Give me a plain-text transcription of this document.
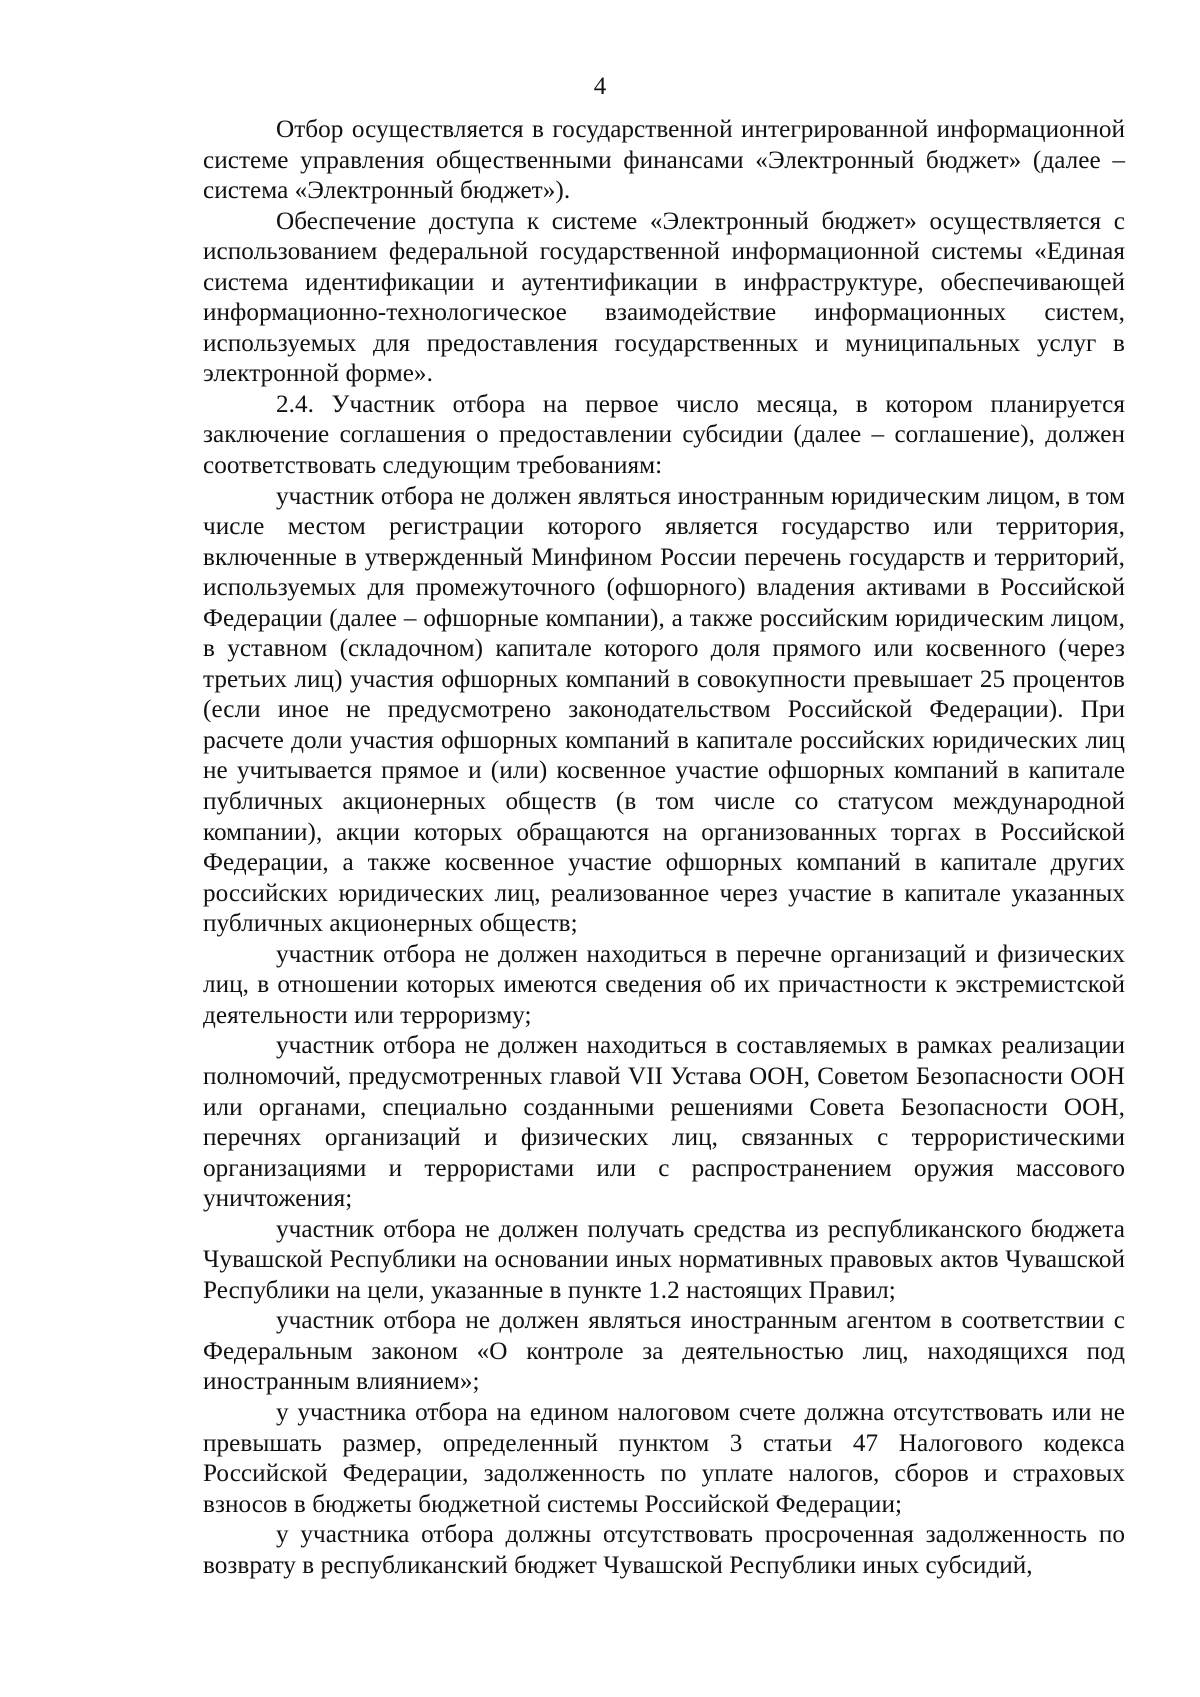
4

Отбор осуществляется в государственной интегрированной информационной системе управления общественными финансами «Электронный бюджет» (далее – система «Электронный бюджет»).

Обеспечение доступа к системе «Электронный бюджет» осуществляется с использованием федеральной государственной информационной системы «Единая система идентификации и аутентификации в инфраструктуре, обеспечивающей информационно-технологическое взаимодействие информационных систем, используемых для предоставления государственных и муниципальных услуг в электронной форме».

2.4. Участник отбора на первое число месяца, в котором планируется заключение соглашения о предоставлении субсидии (далее – соглашение), должен соответствовать следующим требованиям:

участник отбора не должен являться иностранным юридическим лицом, в том числе местом регистрации которого является государство или территория, включенные в утвержденный Минфином России перечень государств и территорий, используемых для промежуточного (офшорного) владения активами в Российской Федерации (далее – офшорные компании), а также российским юридическим лицом, в уставном (складочном) капитале которого доля прямого или косвенного (через третьих лиц) участия офшорных компаний в совокупности превышает 25 процентов (если иное не предусмотрено законодательством Российской Федерации). При расчете доли участия офшорных компаний в капитале российских юридических лиц не учитывается прямое и (или) косвенное участие офшорных компаний в капитале публичных акционерных обществ (в том числе со статусом международной компании), акции которых обращаются на организованных торгах в Российской Федерации, а также косвенное участие офшорных компаний в капитале других российских юридических лиц, реализованное через участие в капитале указанных публичных акционерных обществ;

участник отбора не должен находиться в перечне организаций и физических лиц, в отношении которых имеются сведения об их причастности к экстремистской деятельности или терроризму;

участник отбора не должен находиться в составляемых в рамках реализации полномочий, предусмотренных главой VII Устава ООН, Советом Безопасности ООН или органами, специально созданными решениями Совета Безопасности ООН, перечнях организаций и физических лиц, связанных с террористическими организациями и террористами или с распространением оружия массового уничтожения;

участник отбора не должен получать средства из республиканского бюджета Чувашской Республики на основании иных нормативных правовых актов Чувашской Республики на цели, указанные в пункте 1.2 настоящих Правил;

участник отбора не должен являться иностранным агентом в соответствии с Федеральным законом «О контроле за деятельностью лиц, находящихся под иностранным влиянием»;

у участника отбора на едином налоговом счете должна отсутствовать или не превышать размер, определенный пунктом 3 статьи 47 Налогового кодекса Российской Федерации, задолженность по уплате налогов, сборов и страховых взносов в бюджеты бюджетной системы Российской Федерации;

у участника отбора должны отсутствовать просроченная задолженность по возврату в республиканский бюджет Чувашской Республики иных субсидий,
